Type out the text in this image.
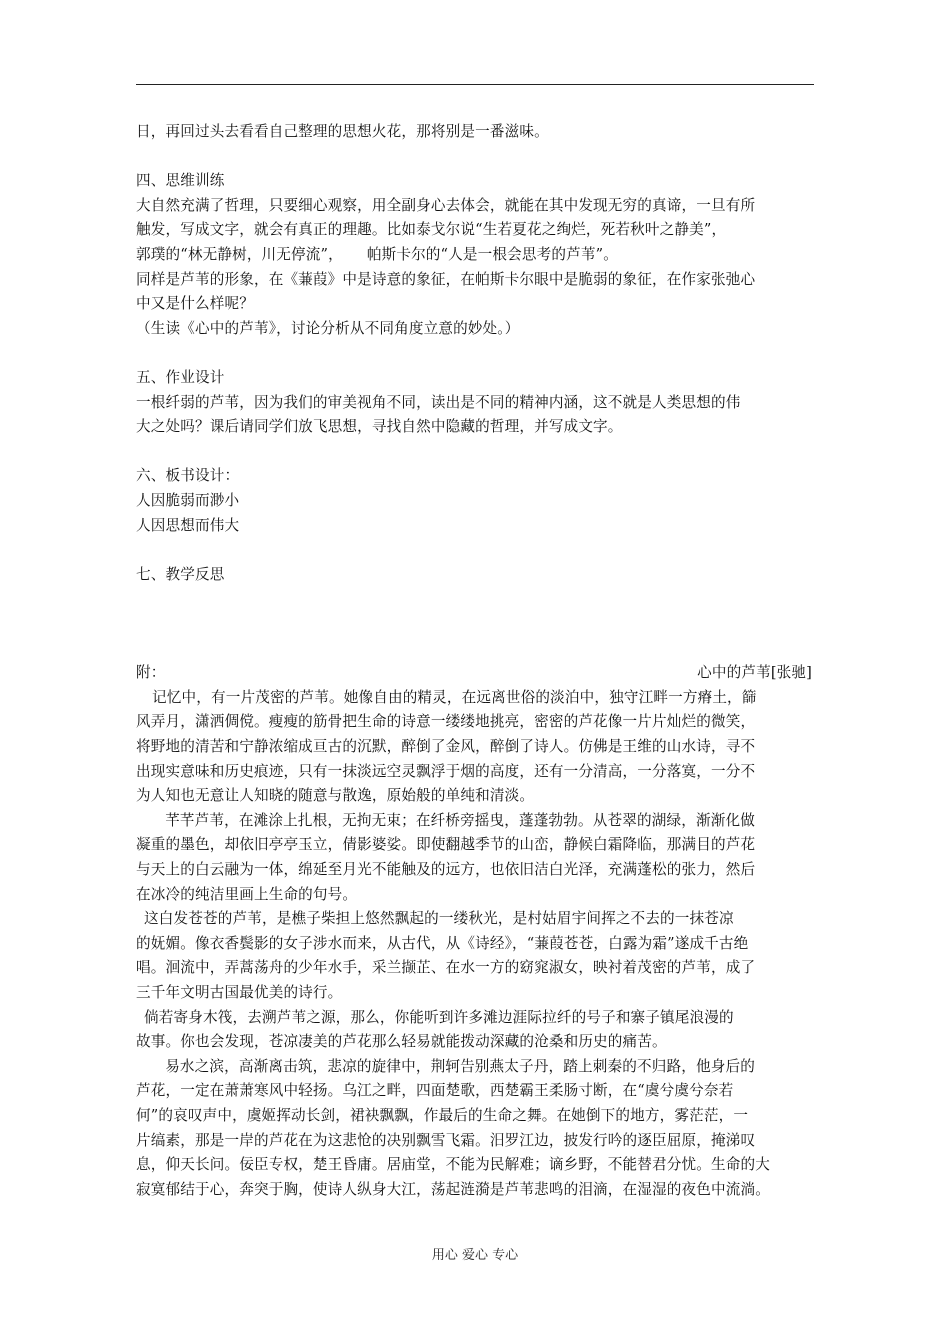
日，再回过头去看看自己整理的思想火花，那将别是一番滋味。

四、思维训练

大自然充满了哲理，只要细心观察，用全副身心去体会，就能在其中发现无穷的真谛，一旦有所

触发，写成文字，就会有真正的理趣。比如泰戈尔说“生若夏花之绚烂，死若秋叶之静美”，

郭璞的“林无静树，川无停流”，     帕斯卡尔的“人是一根会思考的芦苇”。

同样是芦苇的形象，在《蒹葭》中是诗意的象征，在帕斯卡尔眼中是脆弱的象征，在作家张弛心

中又是什么样呢？

（生读《心中的芦苇》，讨论分析从不同角度立意的妙处。）

五、作业设计

一根纤弱的芦苇，因为我们的审美视角不同，读出是不同的精神内涵，这不就是人类思想的伟

大之处吗？课后请同学们放飞思想，寻找自然中隐藏的哲理，并写成文字。

六、板书设计：

人因脆弱而渺小

人因思想而伟大

七、教学反思

附：	心中的芦苇[张驰]

记忆中，有一片茂密的芦苇。她像自由的精灵，在远离世俗的淡泊中，独守江畔一方瘠土，篩

风弄月，潇洒倜傥。瘦瘦的筋骨把生命的诗意一缕缕地挑亮，密密的芦花像一片片灿烂的微笑，

将野地的清苦和宁静浓缩成亘古的沉默，醉倒了金风，醉倒了诗人。仿佛是王维的山水诗，寻不

出现实意味和历史痕迹，只有一抹淡远空灵飘浮于烟的高度，还有一分清高，一分落寞，一分不

为人知也无意让人知晓的随意与散逸，原始般的单纯和清淡。

芊芊芦苇，在滩涂上扎根，无拘无束；在纤桥旁摇曳，蓬蓬勃勃。从苍翠的湖绿，渐渐化做

凝重的墨色，却依旧亭亭玉立，倩影婆娑。即使翻越季节的山峦，静候白霜降临，那满目的芦花

与天上的白云融为一体，绵延至月光不能触及的远方，也依旧洁白光泽，充满蓬松的张力，然后

在冰冷的纯洁里画上生命的句号。

这白发苍苍的芦苇，是樵子柴担上悠然飘起的一缕秋光，是村姑眉宇间挥之不去的一抹苍凉

的妩媚。像衣香鬓影的女子涉水而来，从古代，从《诗经》，“蒹葭苍苍，白露为霜”遂成千古绝

唱。洄流中，弄蒿荡舟的少年水手，采兰撷芷、在水一方的窈窕淑女，映衬着茂密的芦苇，成了

三千年文明古国最优美的诗行。

倘若寄身木筏，去溯芦苇之源，那么，你能听到许多滩边涯际拉纤的号子和寨子镇尾浪漫的

故事。你也会发现，苍凉凄美的芦花那么轻易就能拨动深藏的沧桑和历史的痛苦。

易水之滨，高渐离击筑，悲凉的旋律中，荆轲告别燕太子丹，踏上刺秦的不归路，他身后的

芦花，一定在萧萧寒风中轻扬。乌江之畔，四面楚歌，西楚霸王柔肠寸断，在“虞兮虞兮奈若

何”的哀叹声中，虞姬挥动长剑，裙袂飘飘，作最后的生命之舞。在她倒下的地方，雾茫茫，一

片缟素，那是一岸的芦花在为这悲怆的决别飘雪飞霜。汨罗江边，披发行吟的逐臣屈原，掩涕叹

息，仰天长问。佞臣专权，楚王昏庸。居庙堂，不能为民解难；谪乡野，不能替君分忧。生命的大

寂寞郁结于心，奔突于胸，使诗人纵身大江，荡起涟漪是芦苇悲鸣的泪滴，在湿湿的夜色中流淌。

用心 爱心 专心
